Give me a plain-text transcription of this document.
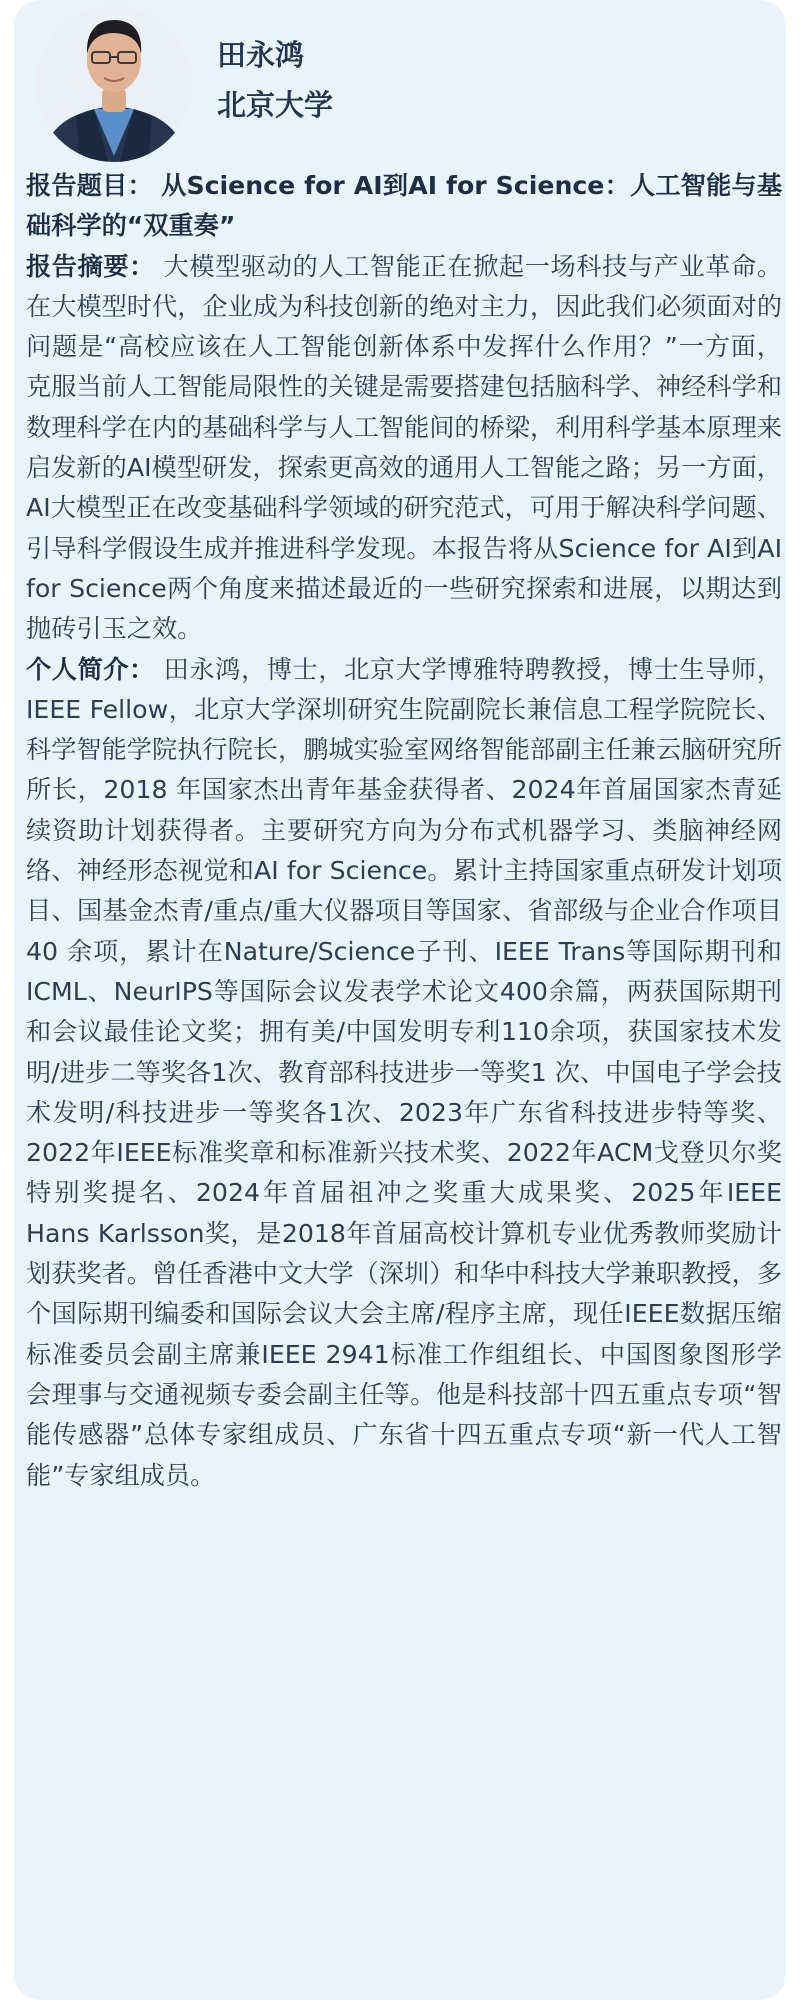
田永鸿
北京大学

报告题目： 从Science for AI到AI for Science：人工智能与基础科学的“双重奏”

报告摘要： 大模型驱动的人工智能正在掀起一场科技与产业革命。在大模型时代，企业成为科技创新的绝对主力，因此我们必须面对的问题是“高校应该在人工智能创新体系中发挥什么作用？”一方面，克服当前人工智能局限性的关键是需要搭建包括脑科学、神经科学和数理科学在内的基础科学与人工智能间的桥梁，利用科学基本原理来启发新的AI模型研发，探索更高效的通用人工智能之路；另一方面，AI大模型正在改变基础科学领域的研究范式，可用于解决科学问题、引导科学假设生成并推进科学发现。本报告将从Science for AI到AI for Science两个角度来描述最近的一些研究探索和进展，以期达到抛砖引玉之效。

个人简介： 田永鸿，博士，北京大学博雅特聘教授，博士生导师， IEEE Fellow，北京大学深圳研究生院副院长兼信息工程学院院长、科学智能学院执行院长，鹏城实验室网络智能部副主任兼云脑研究所所长，2018 年国家杰出青年基金获得者、2024年首届国家杰青延续资助计划获得者。主要研究方向为分布式机器学习、类脑神经网络、神经形态视觉和AI for Science。累计主持国家重点研发计划项目、国基金杰青/重点/重大仪器项目等国家、省部级与企业合作项目40 余项，累计在Nature/Science子刊、IEEE Trans等国际期刊和ICML、NeurIPS等国际会议发表学术论文400余篇，两获国际期刊和会议最佳论文奖；拥有美/中国发明专利110余项，获国家技术发明/进步二等奖各1次、教育部科技进步一等奖1 次、中国电子学会技术发明/科技进步一等奖各1次、2023年广东省科技进步特等奖、2022年IEEE标准奖章和标准新兴技术奖、2022年ACM戈登贝尔奖特别奖提名、2024年首届祖冲之奖重大成果奖、2025年IEEE Hans Karlsson奖，是2018年首届高校计算机专业优秀教师奖励计划获奖者。曾任香港中文大学（深圳）和华中科技大学兼职教授，多个国际期刊编委和国际会议大会主席/程序主席，现任IEEE数据压缩标准委员会副主席兼IEEE 2941标准工作组组长、中国图象图形学会理事与交通视频专委会副主任等。他是科技部十四五重点专项“智能传感器”总体专家组成员、广东省十四五重点专项“新一代人工智能”专家组成员。
